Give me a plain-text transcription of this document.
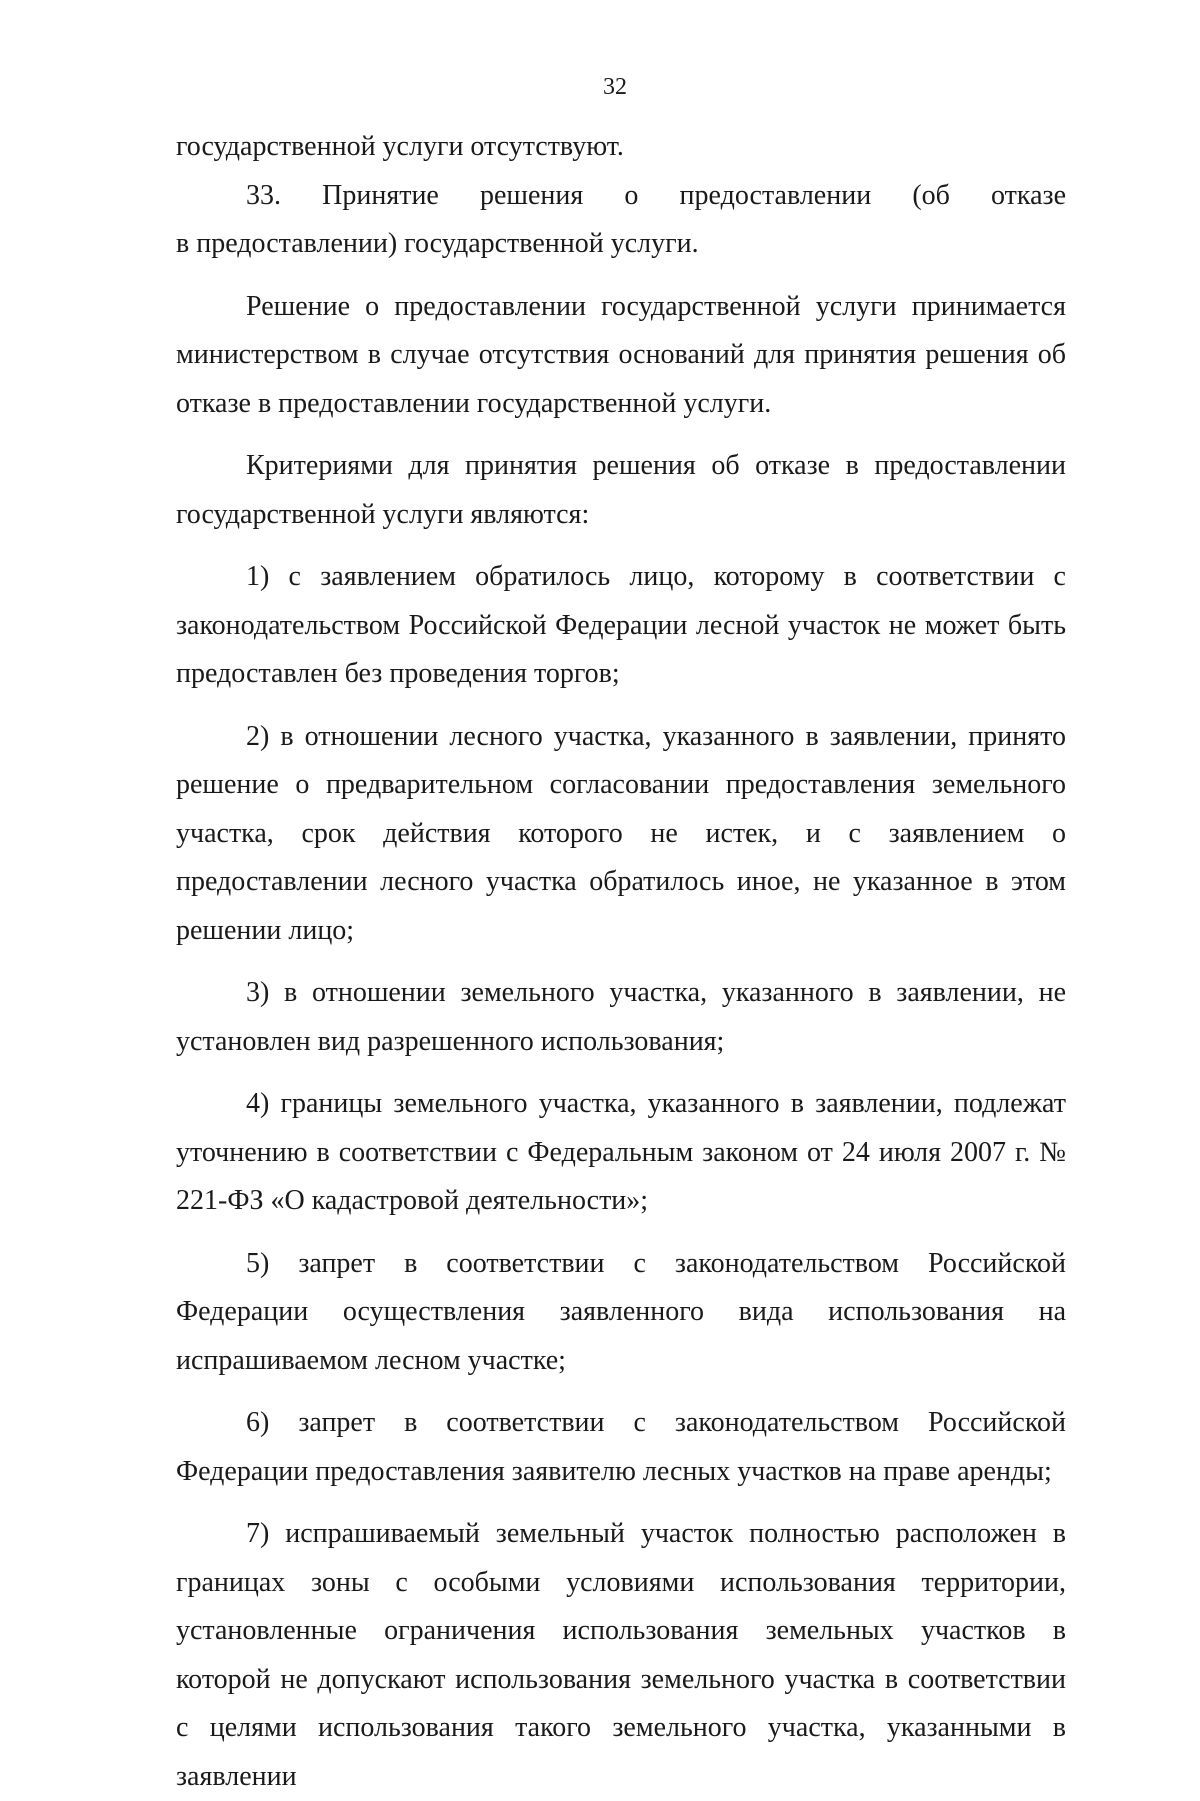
32

государственной услуги отсутствуют.

33. Принятие решения о предоставлении (об отказе

в предоставлении) государственной услуги.

Решение о предоставлении государственной услуги принимается министерством в случае отсутствия оснований для принятия решения об отказе в предоставлении государственной услуги.

Критериями для принятия решения об отказе в предоставлении государственной услуги являются:

1) с заявлением обратилось лицо, которому в соответствии с законодательством Российской Федерации лесной участок не может быть предоставлен без проведения торгов;

2) в отношении лесного участка, указанного в заявлении, принято решение о предварительном согласовании предоставления земельного участка, срок действия которого не истек, и с заявлением о предоставлении лесного участка обратилось иное, не указанное в этом решении лицо;

3) в отношении земельного участка, указанного в заявлении, не установлен вид разрешенного использования;

4) границы земельного участка, указанного в заявлении, подлежат уточнению в соответствии с Федеральным законом от 24 июля 2007 г. № 221-ФЗ «О кадастровой деятельности»;

5) запрет в соответствии с законодательством Российской Федерации осуществления заявленного вида использования на испрашиваемом лесном участке;

6) запрет в соответствии с законодательством Российской Федерации предоставления заявителю лесных участков на праве аренды;

7) испрашиваемый земельный участок полностью расположен в границах зоны с особыми условиями использования территории, установленные ограничения использования земельных участков в которой не допускают использования земельного участка в соответствии с целями использования такого земельного участка, указанными в заявлении
